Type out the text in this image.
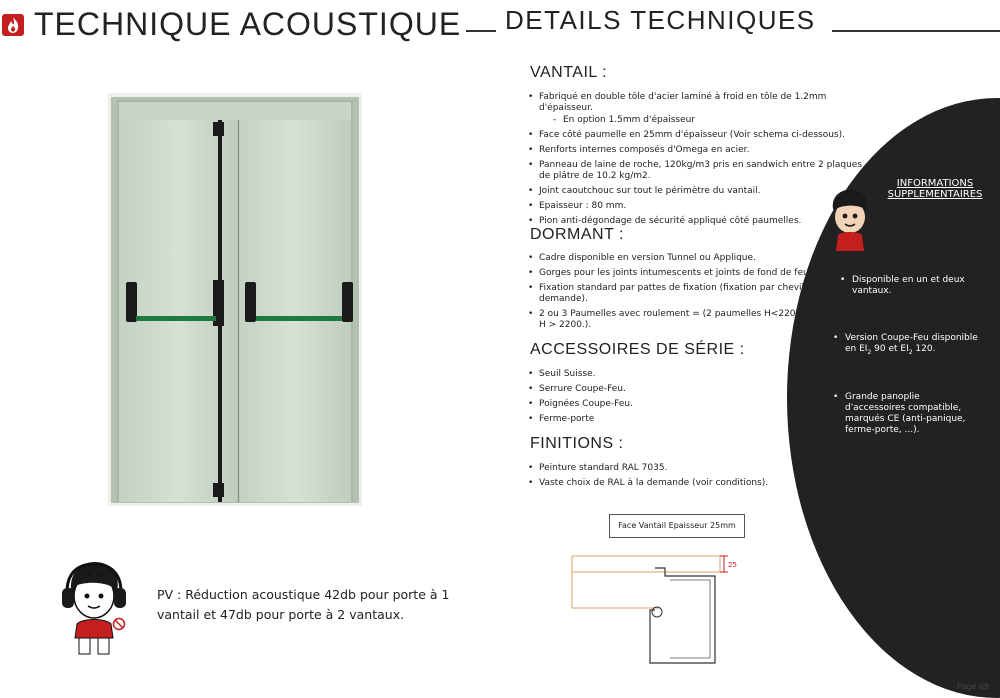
TECHNIQUE ACOUSTIQUE DETAILS TECHNIQUES
VANTAIL :
• Fabriqué en double tôle d'acier laminé à froid en tôle de 1.2mm d'épaisseur.
- En option 1.5mm d'épaisseur
• Face côté paumelle en 25mm d'épaisseur (Voir schema ci-dessous).
• Renforts internes composés d'Omega en acier.
• Panneau de laine de roche, 120kg/m3 pris en sandwich entre 2 plaques de plâtre de 10.2 kg/m2.
• Joint caoutchouc sur tout le périmètre du vantail.
• Epaisseur : 80 mm.
• Pion anti-dégondage de sécurité appliqué côté paumelles.
DORMANT :
• Cadre disponible en version Tunnel ou Applique.
• Gorges pour les joints intumescents et joints de fond de feuillure.
• Fixation standard par pattes de fixation (fixation par chevilles sur demande).
• 2 ou 3 Paumelles avec roulement = (2 paumelles H<2200 / 3 paumelles H > 2200.).
ACCESSOIRES DE SÉRIE :
• Seuil Suisse.
• Serrure Coupe-Feu.
• Poignées Coupe-Feu.
• Ferme-porte
FINITIONS :
• Peinture standard RAL 7035.
• Vaste choix de RAL à la demande (voir conditions).
INFORMATIONS
SUPPLEMENTAIRES
• Disponible en un et deux vantaux.
• Version Coupe-Feu disponible en $EI_2$ 90 et $EI_2$ 120.
• Grande panoplie d'accessoires compatible, marqués CE (anti-panique, ferme-porte, ...).
PV : Réduction acoustique 42db pour porte à 1 vantail et 47db pour porte à 2 vantaux.
Face Vantail Epaisseur 25mm
25
Page 69
